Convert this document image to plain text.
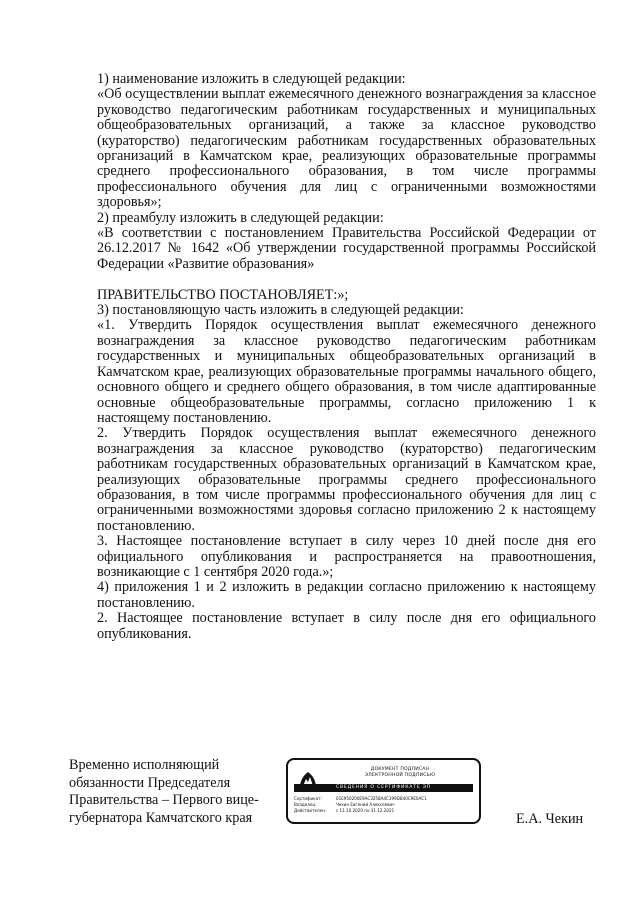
1) наименование изложить в следующей редакции:

«Об осуществлении выплат ежемесячного денежного вознаграждения за классное руководство педагогическим работникам государственных и муниципальных общеобразовательных организаций, а также за классное руководство (кураторство) педагогическим работникам государственных образовательных организаций в Камчатском крае, реализующих образовательные программы среднего профессионального образования, в том числе программы профессионального обучения для лиц с ограниченными возможностями здоровья»;

2) преамбулу изложить в следующей редакции:

«В соответствии с постановлением Правительства Российской Федерации от 26.12.2017 № 1642 «Об утверждении государственной программы Российской Федерации «Развитие образования»

ПРАВИТЕЛЬСТВО ПОСТАНОВЛЯЕТ:»;

3) постановляющую часть изложить в следующей редакции:

«1. Утвердить Порядок осуществления выплат ежемесячного денежного вознаграждения за классное руководство педагогическим работникам государственных и муниципальных общеобразовательных организаций в Камчатском крае, реализующих образовательные программы начального общего, основного общего и среднего общего образования, в том числе адаптированные основные общеобразовательные программы, согласно приложению 1 к настоящему постановлению.

2. Утвердить Порядок осуществления выплат ежемесячного денежного вознаграждения за классное руководство (кураторство) педагогическим работникам государственных образовательных организаций в Камчатском крае, реализующих образовательные программы среднего профессионального образования, в том числе программы профессионального обучения для лиц с ограниченными возможностями здоровья согласно приложению 2 к настоящему постановлению.

3. Настоящее постановление вступает в силу через 10 дней после дня его официального опубликования и распространяется на правоотношения, возникающие с 1 сентября 2020 года.»;

4) приложения 1 и 2 изложить в редакции согласно приложению к настоящему постановлению.

2. Настоящее постановление вступает в силу после дня его официального опубликования.

Временно исполняющий
обязанности Председателя
Правительства – Первого вице-
губернатора Камчатского края
ДОКУМЕНТ ПОДПИСАН
ЭЛЕКТРОННОЙ ПОДПИСЬЮ
СВЕДЕНИЯ О СЕРТИФИКАТЕ ЭП
Сертификат:	01E950200E9AC3258A4C399DB40C9E0AC1
Владелец:	Чекин Евгений Алексеевич
Действителен:	с 11.10.2020 по 31.12.2021
Е.А. Чекин
